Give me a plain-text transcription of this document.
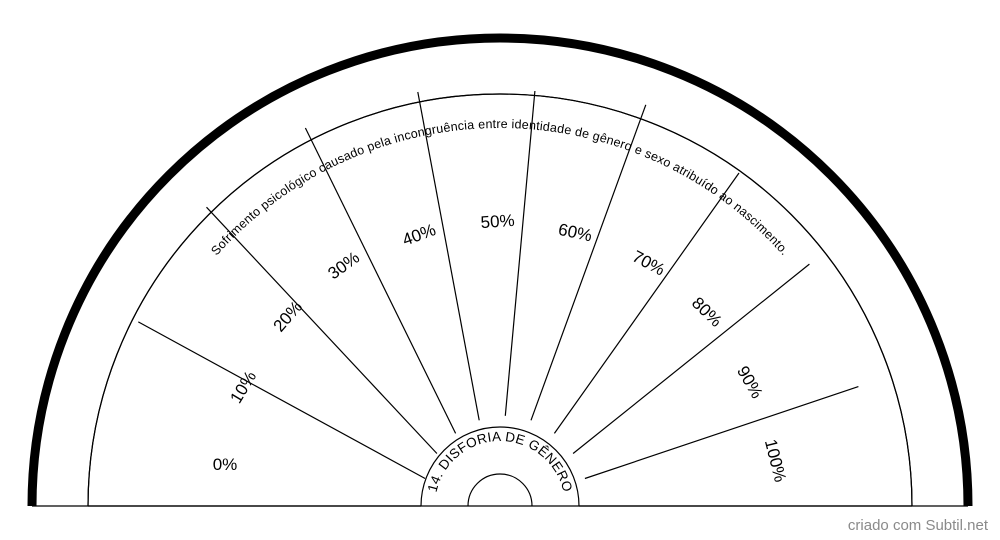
Sofrimento psicológico causado pela incongruência entre identidade de gênero e sexo atribuído ao nascimento.
14. DISFORIA DE GÊNERO
0%
10%
20%
30%
40% 50% 60%
70%
80%
90%
100%
criado com Subtil.net
